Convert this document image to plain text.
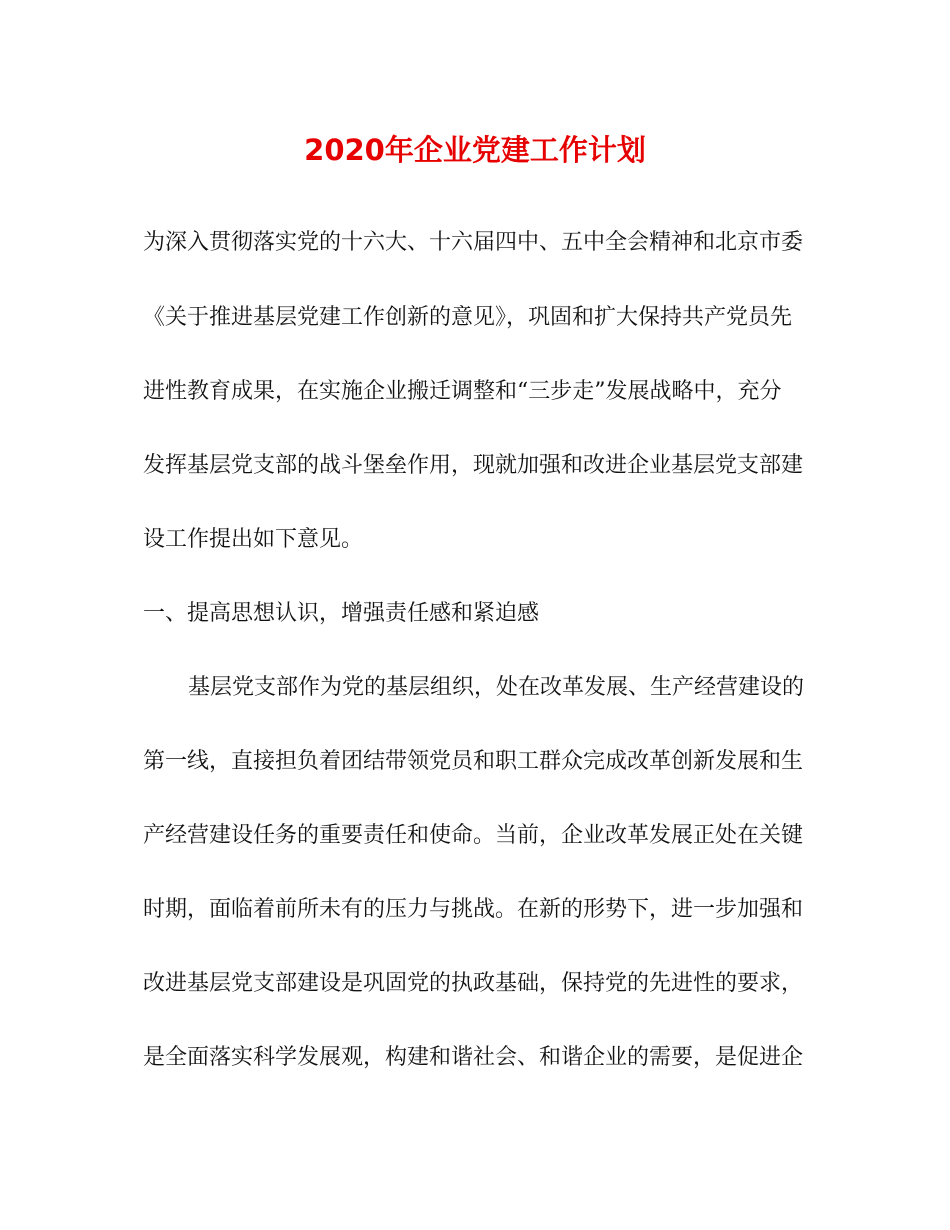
2020年企业党建工作计划
为深入贯彻落实党的十六大、十六届四中、五中全会精神和北京市委
《关于推进基层党建工作创新的意见》，巩固和扩大保持共产党员先
进性教育成果，在实施企业搬迁调整和“三步走”发展战略中，充分
发挥基层党支部的战斗堡垒作用，现就加强和改进企业基层党支部建
设工作提出如下意见。
一、提高思想认识，增强责任感和紧迫感
基层党支部作为党的基层组织，处在改革发展、生产经营建设的
第一线，直接担负着团结带领党员和职工群众完成改革创新发展和生
产经营建设任务的重要责任和使命。当前，企业改革发展正处在关键
时期，面临着前所未有的压力与挑战。在新的形势下，进一步加强和
改进基层党支部建设是巩固党的执政基础，保持党的先进性的要求，
是全面落实科学发展观，构建和谐社会、和谐企业的需要，是促进企
